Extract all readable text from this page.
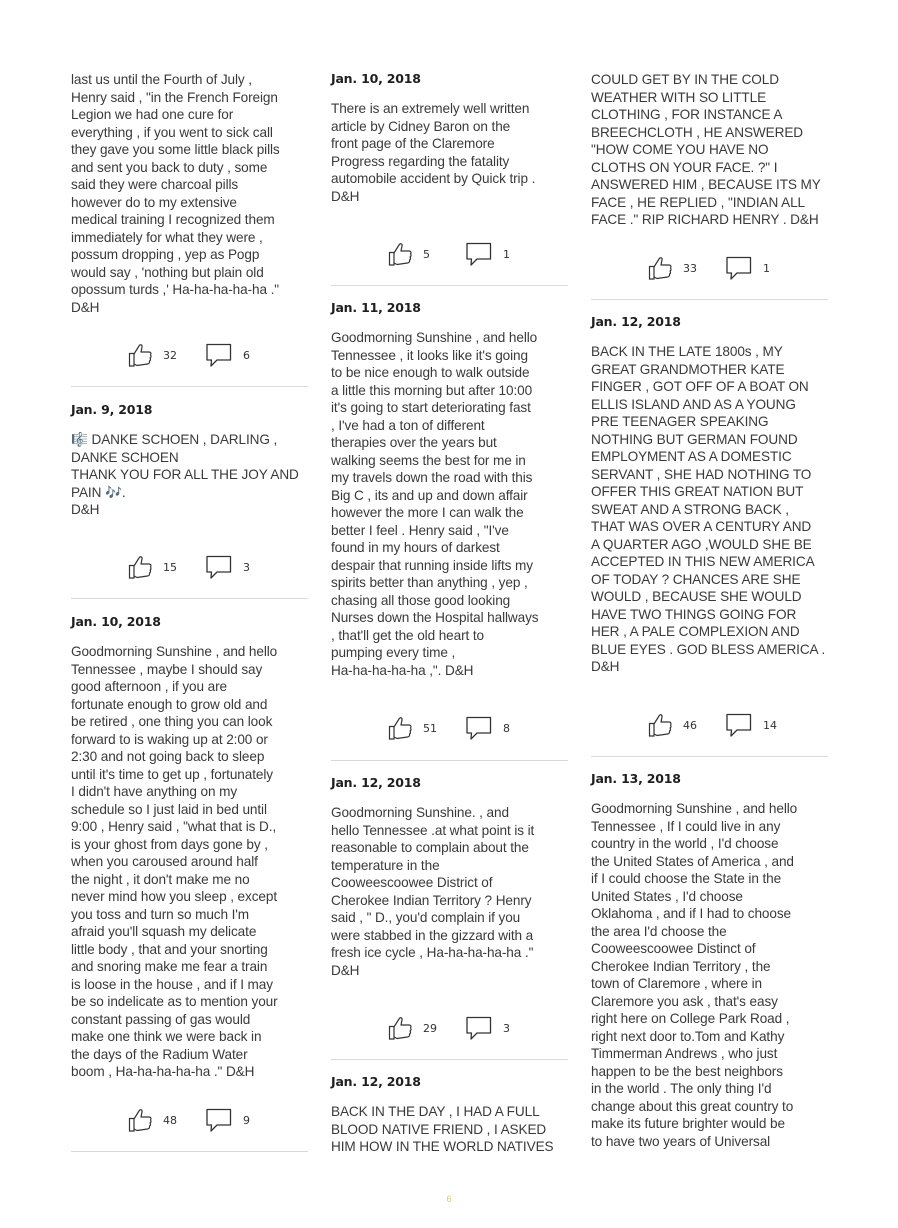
last us until the Fourth of July ,
Henry said , "in the French Foreign
Legion we had one cure for
everything , if you went to sick call
they gave you some little black pills
and sent you back to duty , some
said they were charcoal pills
however do to my extensive
medical training I recognized them
immediately for what they were ,
possum dropping , yep as Pogp
would say , 'nothing but plain old
opossum turds ,' Ha-ha-ha-ha-ha ."
D&H
32	6
Jan. 9, 2018
🎼 DANKE SCHOEN , DARLING ,
DANKE SCHOEN
THANK YOU FOR ALL THE JOY AND
PAIN 🎶.
D&H
15	3
Jan. 10, 2018
Goodmorning Sunshine , and hello
Tennessee , maybe I should say
good afternoon , if you are
fortunate enough to grow old and
be retired , one thing you can look
forward to is waking up at 2:00 or
2:30 and not going back to sleep
until it's time to get up , fortunately
I didn't have anything on my
schedule so I just laid in bed until
9:00 , Henry said , "what that is D.,
is your ghost from days gone by ,
when you caroused around half
the night , it don't make me no
never mind how you sleep , except
you toss and turn so much I'm
afraid you'll squash my delicate
little body , that and your snorting
and snoring make me fear a train
is loose in the house , and if I may
be so indelicate as to mention your
constant passing of gas would
make one think we were back in
the days of the Radium Water
boom , Ha-ha-ha-ha-ha ." D&H
48	9
Jan. 10, 2018
There is an extremely well written
article by Cidney Baron on the
front page of the Claremore
Progress regarding the fatality
automobile accident by Quick trip .
D&H
5	1
Jan. 11, 2018
Goodmorning Sunshine , and hello
Tennessee , it looks like it's going
to be nice enough to walk outside
a little this morning but after 10:00
it's going to start deteriorating fast
, I've had a ton of different
therapies over the years but
walking seems the best for me in
my travels down the road with this
Big C , its and up and down affair
however the more I can walk the
better I feel . Henry said , "I've
found in my hours of darkest
despair that running inside lifts my
spirits better than anything , yep ,
chasing all those good looking
Nurses down the Hospital hallways
, that'll get the old heart to
pumping every time ,
Ha-ha-ha-ha-ha ,". D&H
51	8
Jan. 12, 2018
Goodmorning Sunshine. , and
hello Tennessee .at what point is it
reasonable to complain about the
temperature in the
Cooweescoowee District of
Cherokee Indian Territory ? Henry
said , " D., you'd complain if you
were stabbed in the gizzard with a
fresh ice cycle , Ha-ha-ha-ha-ha ."
D&H
29	3
Jan. 12, 2018
BACK IN THE DAY , I HAD A FULL
BLOOD NATIVE FRIEND , I ASKED
HIM HOW IN THE WORLD NATIVES
COULD GET BY IN THE COLD
WEATHER WITH SO LITTLE
CLOTHING , FOR INSTANCE A
BREECHCLOTH , HE ANSWERED
"HOW COME YOU HAVE NO
CLOTHS ON YOUR FACE. ?" I
ANSWERED HIM , BECAUSE ITS MY
FACE , HE REPLIED , "INDIAN ALL
FACE ." RIP RICHARD HENRY . D&H
33	1
Jan. 12, 2018
BACK IN THE LATE 1800s , MY
GREAT GRANDMOTHER KATE
FINGER , GOT OFF OF A BOAT ON
ELLIS ISLAND AND AS A YOUNG
PRE TEENAGER SPEAKING
NOTHING BUT GERMAN FOUND
EMPLOYMENT AS A DOMESTIC
SERVANT , SHE HAD NOTHING TO
OFFER THIS GREAT NATION BUT
SWEAT AND A STRONG BACK ,
THAT WAS OVER A CENTURY AND
A QUARTER AGO ,WOULD SHE BE
ACCEPTED IN THIS NEW AMERICA
OF TODAY ? CHANCES ARE SHE
WOULD , BECAUSE SHE WOULD
HAVE TWO THINGS GOING FOR
HER , A PALE COMPLEXION AND
BLUE EYES . GOD BLESS AMERICA .
D&H
46	14
Jan. 13, 2018
Goodmorning Sunshine , and hello
Tennessee , If I could live in any
country in the world , I'd choose
the United States of America , and
if I could choose the State in the
United States , I'd choose
Oklahoma , and if I had to choose
the area I'd choose the
Cooweescoowee Distinct of
Cherokee Indian Territory , the
town of Claremore , where in
Claremore you ask , that's easy
right here on College Park Road ,
right next door to.Tom and Kathy
Timmerman Andrews , who just
happen to be the best neighbors
in the world . The only thing I'd
change about this great country to
make its future brighter would be
to have two years of Universal
6
